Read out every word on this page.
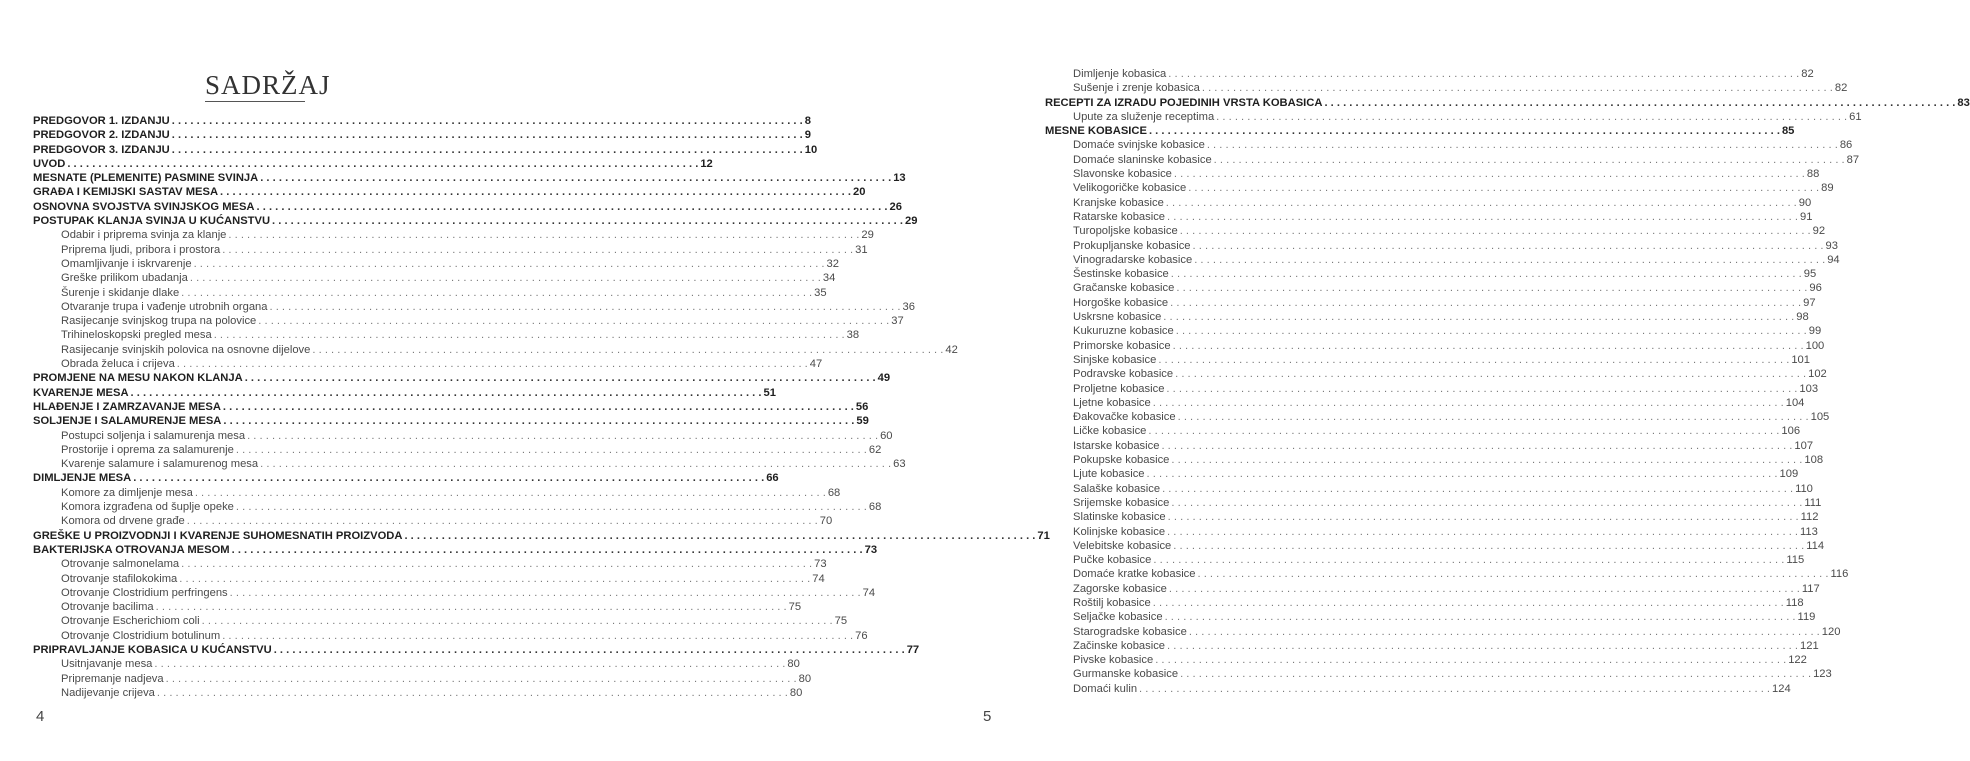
SADRŽAJ
PREDGOVOR 1. IZDANJU . . .	8
PREDGOVOR 2. IZDANJU . . .	9
PREDGOVOR 3. IZDANJU . . .	10
UVOD . . .	12
MESNATE (PLEMENITE) PASMINE SVINJA . . .	13
GRAĐA I KEMIJSKI SASTAV MESA . . .	20
OSNOVNA SVOJSTVA SVINJSKOG MESA . . .	26
POSTUPAK KLANJA SVINJA U KUĆANSTVU . . .	29
Odabir i priprema svinja za klanje . . .	29
Priprema ljudi, pribora i prostora . . .	31
Omamljivanje i iskrvarenje . . .	32
Greške prilikom ubadanja . . .	34
Šurenje i skidanje dlake . . .	35
Otvaranje trupa i vađenje utrobnih organa . . .	36
Rasijecanje svinjskog trupa na polovice . . .	37
Trihineloskopski pregled mesa . . .	38
Rasijecanje svinjskih polovica na osnovne dijelove . . .	42
Obrada želuca i crijeva . . .	47
PROMJENE NA MESU NAKON KLANJA . . .	49
KVARENJE MESA . . .	51
HLAĐENJE I ZAMRZAVANJE MESA . . .	56
SOLJENJE I SALAMURENJE MESA . . .	59
Postupci soljenja i salamurenja mesa . . .	60
Prostorije i oprema za salamurenje . . .	62
Kvarenje salamure i salamurenog mesa . . .	63
DIMLJENJE MESA . . .	66
Komore za dimljenje mesa . . .	68
Komora izgrađena od šuplje opeke . . .	68
Komora od drvene građe . . .	70
GREŠKE U PROIZVODNJI I KVARENJE SUHOMESNATIH PROIZVODA . . .	71
BAKTERIJSKA OTROVANJA MESOM . . .	73
Otrovanje salmonelama . . .	73
Otrovanje stafilokokima . . .	74
Otrovanje Clostridium perfringens . . .	74
Otrovanje bacilima . . .	75
Otrovanje Escherichiom coli . . .	75
Otrovanje Clostridium botulinum . . .	76
PRIPRAVLJANJE KOBASICA U KUĆANSTVU . . .	77
Usitnjavanje mesa . . .	80
Pripremanje nadjeva . . .	80
Nadijevanje crijeva . . .	80
4
Dimljenje kobasica . . .	82
Sušenje i zrenje kobasica . . .	82
RECEPTI ZA IZRADU POJEDINIH VRSTA KOBASICA . . .	83
Upute za služenje receptima . . .	61
MESNE KOBASICE . . .	85
Domaće svinjske kobasice . . .	86
Domaće slaninske kobasice . . .	87
Slavonske kobasice . . .	88
Velikogoričke kobasice . . .	89
Kranjske kobasice . . .	90
Ratarske kobasice . . .	91
Turopoljske kobasice . . .	92
Prokupljanske kobasice . . .	93
Vinogradarske kobasice . . .	94
Šestinske kobasice . . .	95
Gračanske kobasice . . .	96
Horgoške kobasice . . .	97
Uskrsne kobasice . . .	98
Kukuruzne kobasice . . .	99
Primorske kobasice . . .	100
Sinjske kobasice . . .	101
Podravske kobasice . . .	102
Proljetne kobasice . . .	103
Ljetne kobasice . . .	104
Đakovačke kobasice . . .	105
Ličke kobasice . . .	106
Istarske kobasice . . .	107
Pokupske kobasice . . .	108
Ljute kobasice . . .	109
Salaške kobasice . . .	110
Srijemske kobasice . . .	111
Slatinske kobasice . . .	112
Kolinjske kobasice . . .	113
Velebitske kobasice . . .	114
Pučke kobasice . . .	115
Domaće kratke kobasice . . .	116
Zagorske kobasice . . .	117
Roštilj kobasice . . .	118
Seljačke kobasice . . .	119
Starogradske kobasice . . .	120
Začinske kobasice . . .	121
Pivske kobasice . . .	122
Gurmanske kobasice . . .	123
Domaći kulin . . .	124
5
